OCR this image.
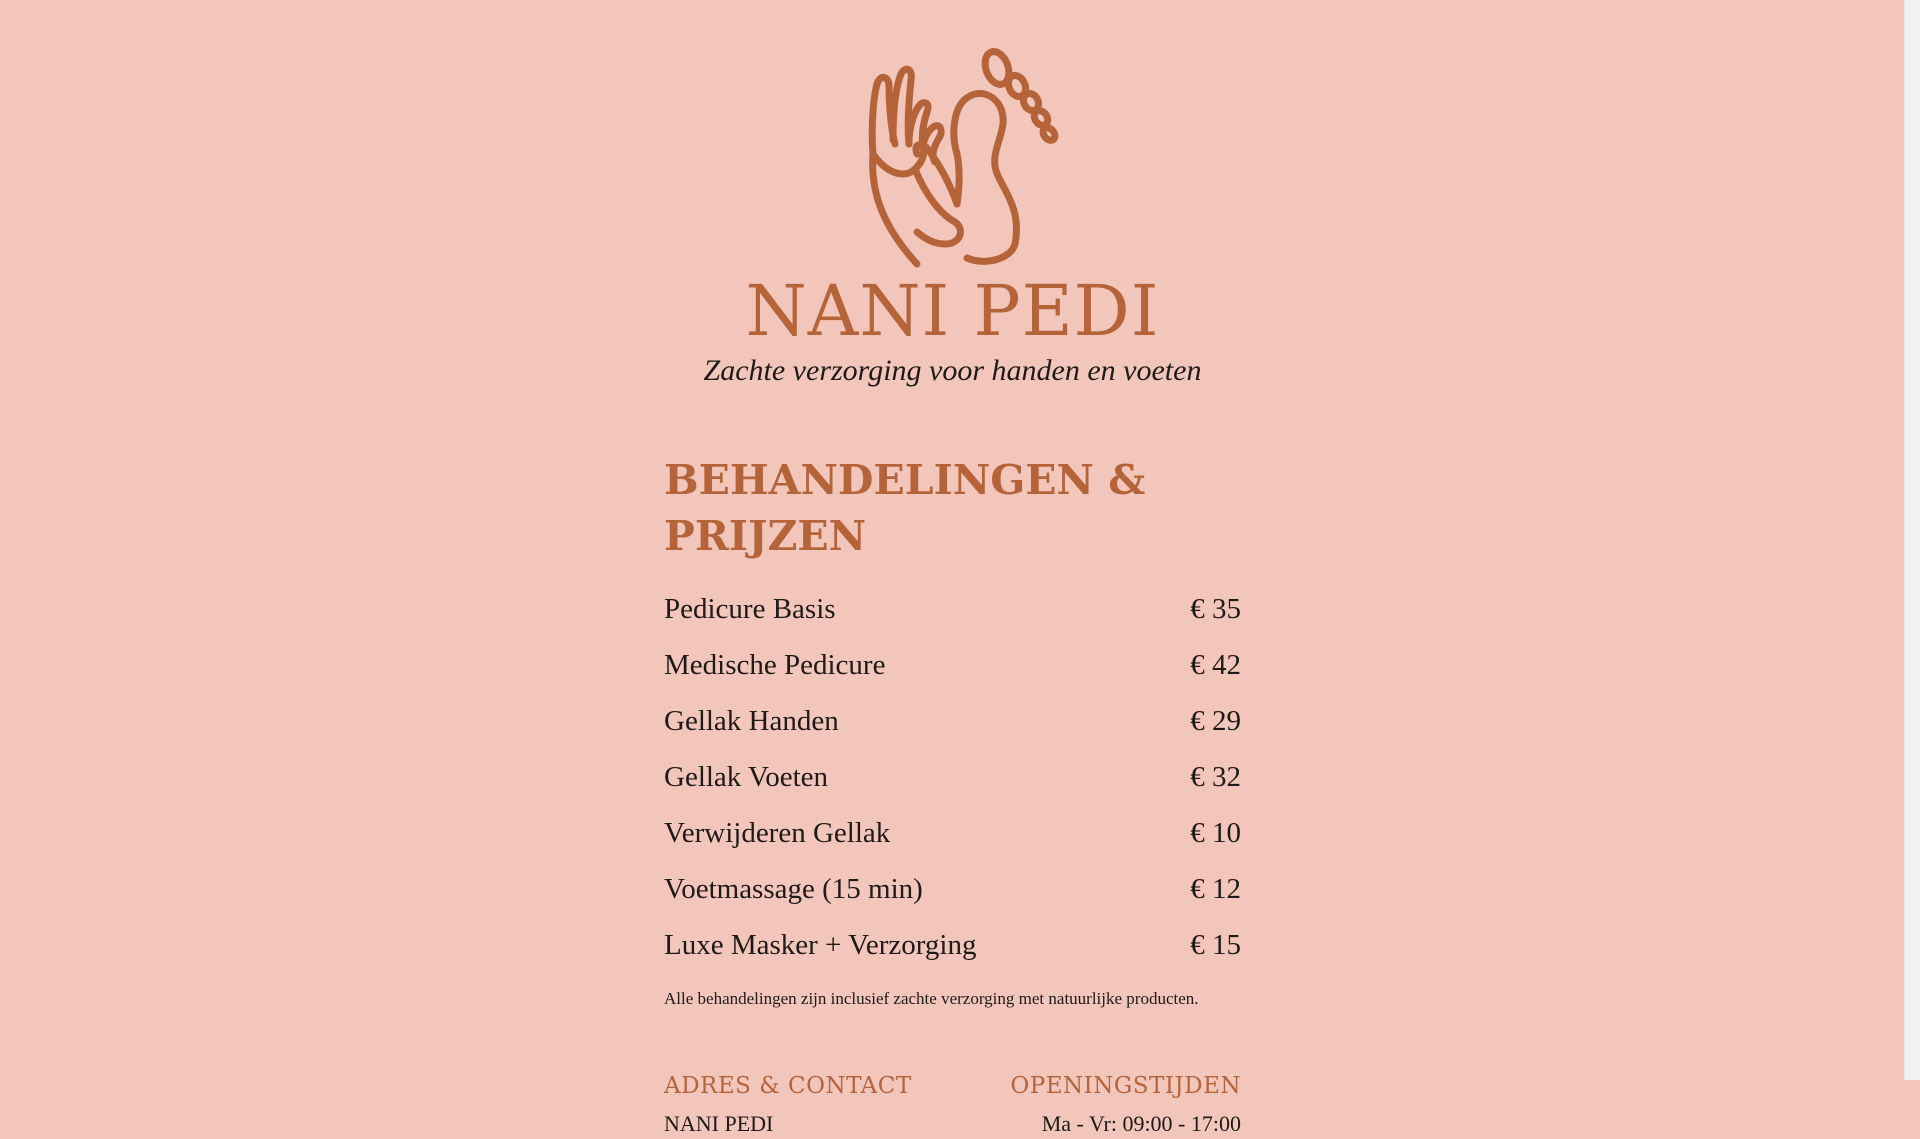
NANI PEDI
Zachte verzorging voor handen en voeten
BEHANDELINGEN & PRIJZEN
Pedicure Basis	€ 35
Medische Pedicure	€ 42
Gellak Handen	€ 29
Gellak Voeten	€ 32
Verwijderen Gellak	€ 10
Voetmassage (15 min)	€ 12
Luxe Masker + Verzorging	€ 15
Alle behandelingen zijn inclusief zachte verzorging met natuurlijke producten.
ADRES & CONTACT
NANI PEDI
OPENINGSTIJDEN
Ma - Vr: 09:00 - 17:00
